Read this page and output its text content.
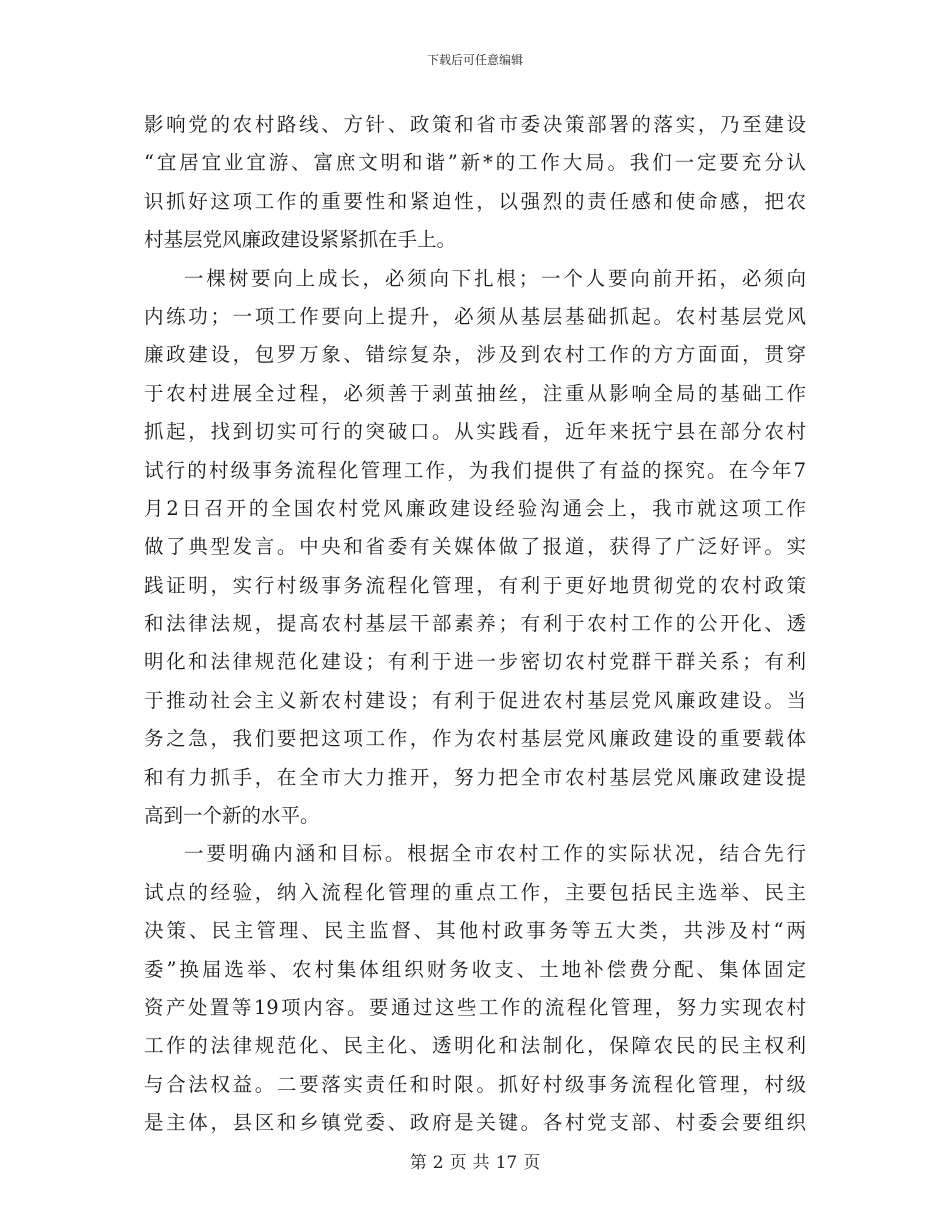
下载后可任意编辑
影响党的农村路线、方针、政策和省市委决策部署的落实，乃至建设
“宜居宜业宜游、富庶文明和谐”新*的工作大局。我们一定要充分认
识抓好这项工作的重要性和紧迫性，以强烈的责任感和使命感，把农
村基层党风廉政建设紧紧抓在手上。
一棵树要向上成长，必须向下扎根；一个人要向前开拓，必须向
内练功；一项工作要向上提升，必须从基层基础抓起。农村基层党风
廉政建设，包罗万象、错综复杂，涉及到农村工作的方方面面，贯穿
于农村进展全过程，必须善于剥茧抽丝，注重从影响全局的基础工作
抓起，找到切实可行的突破口。从实践看，近年来抚宁县在部分农村
试行的村级事务流程化管理工作，为我们提供了有益的探究。在今年7
月2日召开的全国农村党风廉政建设经验沟通会上，我市就这项工作
做了典型发言。中央和省委有关媒体做了报道，获得了广泛好评。实
践证明，实行村级事务流程化管理，有利于更好地贯彻党的农村政策
和法律法规，提高农村基层干部素养；有利于农村工作的公开化、透
明化和法律规范化建设；有利于进一步密切农村党群干群关系；有利
于推动社会主义新农村建设；有利于促进农村基层党风廉政建设。当
务之急，我们要把这项工作，作为农村基层党风廉政建设的重要载体
和有力抓手，在全市大力推开，努力把全市农村基层党风廉政建设提
高到一个新的水平。
一要明确内涵和目标。根据全市农村工作的实际状况，结合先行
试点的经验，纳入流程化管理的重点工作，主要包括民主选举、民主
决策、民主管理、民主监督、其他村政事务等五大类，共涉及村“两
委”换届选举、农村集体组织财务收支、土地补偿费分配、集体固定
资产处置等19项内容。要通过这些工作的流程化管理，努力实现农村
工作的法律规范化、民主化、透明化和法制化，保障农民的民主权利
与合法权益。二要落实责任和时限。抓好村级事务流程化管理，村级
是主体，县区和乡镇党委、政府是关键。各村党支部、村委会要组织
第 2 页 共 17 页
